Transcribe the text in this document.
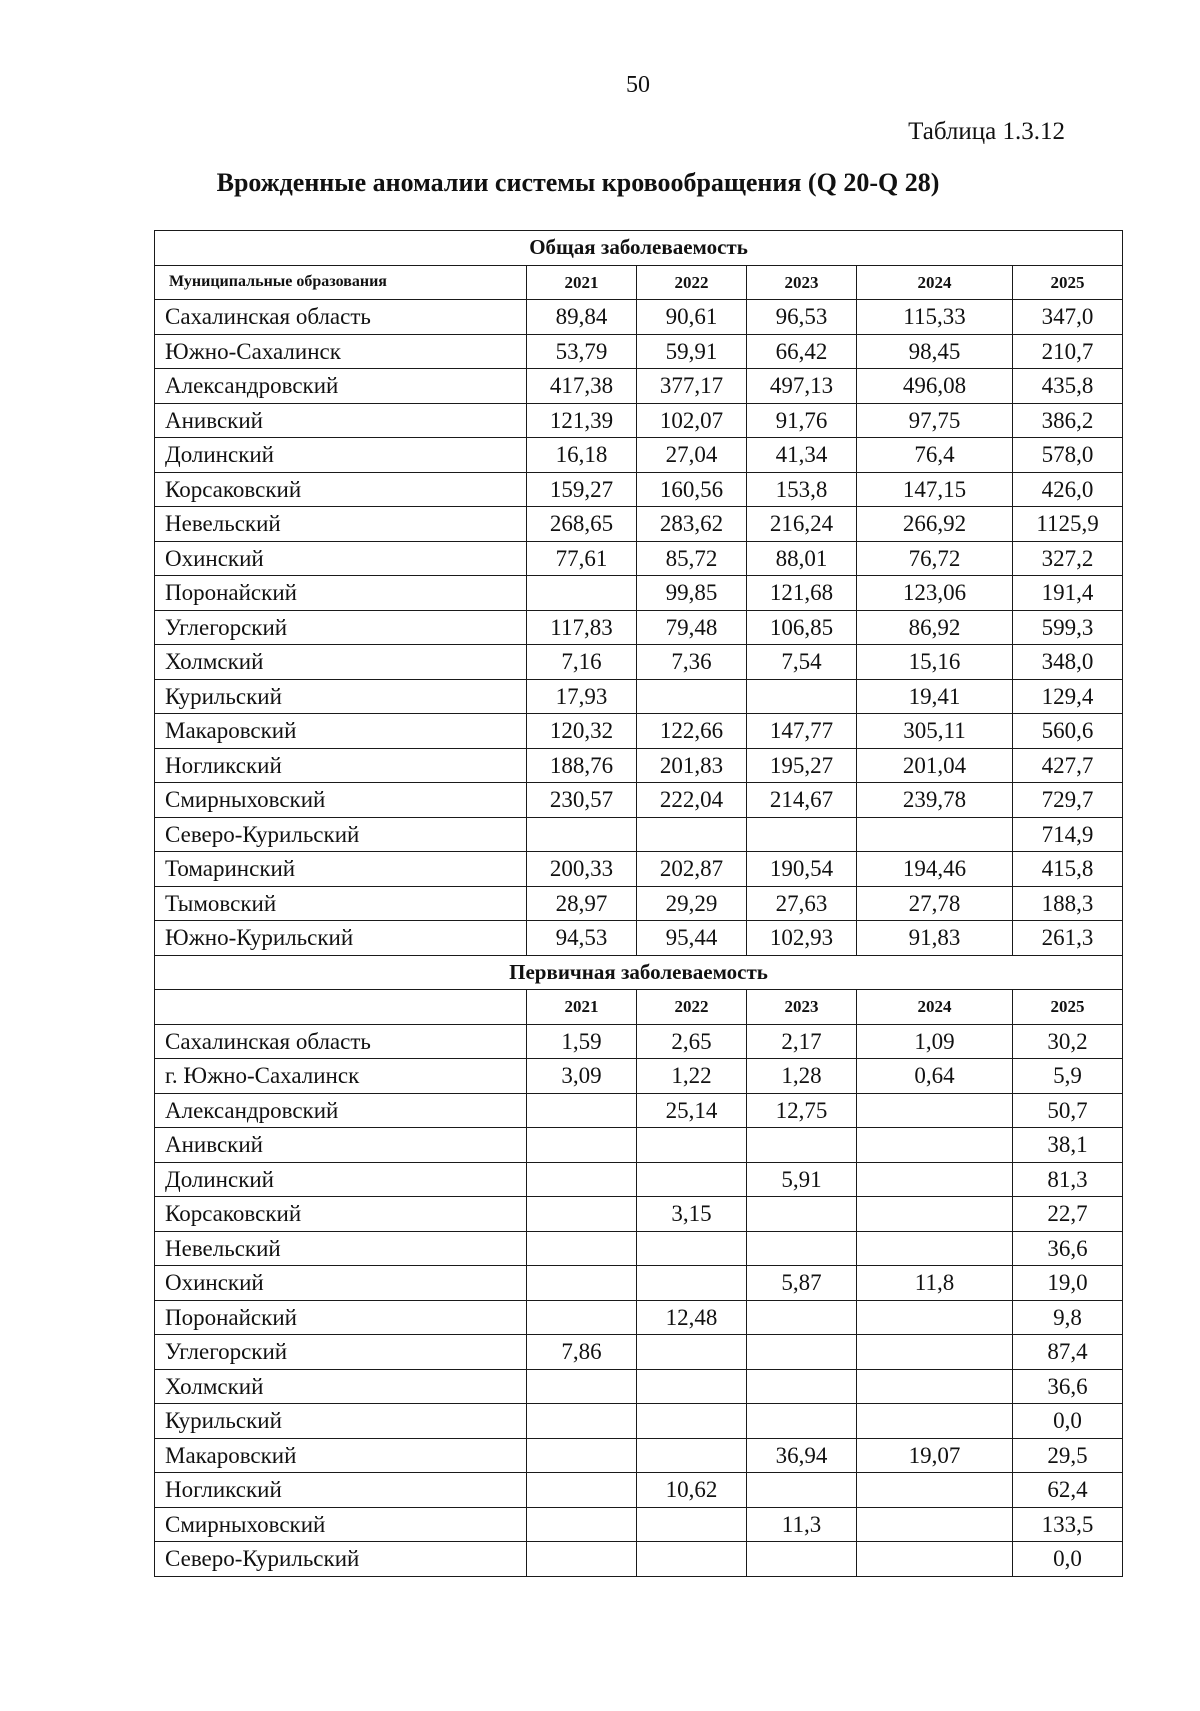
50
Таблица 1.3.12
Врожденные аномалии системы кровообращения (Q 20-Q 28)
Общая заболеваемость					
Муниципальные образования	2021	2022	2023	2024	2025
Сахалинская область	89,84	90,61	96,53	115,33	347,0
Южно-Сахалинск	53,79	59,91	66,42	98,45	210,7
Александровский	417,38	377,17	497,13	496,08	435,8
Анивский	121,39	102,07	91,76	97,75	386,2
Долинский	16,18	27,04	41,34	76,4	578,0
Корсаковский	159,27	160,56	153,8	147,15	426,0
Невельский	268,65	283,62	216,24	266,92	1125,9
Охинский	77,61	85,72	88,01	76,72	327,2
Поронайский		99,85	121,68	123,06	191,4
Углегорский	117,83	79,48	106,85	86,92	599,3
Холмский	7,16	7,36	7,54	15,16	348,0
Курильский	17,93			19,41	129,4
Макаровский	120,32	122,66	147,77	305,11	560,6
Ногликский	188,76	201,83	195,27	201,04	427,7
Смирныховский	230,57	222,04	214,67	239,78	729,7
Северо-Курильский					714,9
Томаринский	200,33	202,87	190,54	194,46	415,8
Тымовский	28,97	29,29	27,63	27,78	188,3
Южно-Курильский	94,53	95,44	102,93	91,83	261,3
Первичная заболеваемость					
	2021	2022	2023	2024	2025
Сахалинская область	1,59	2,65	2,17	1,09	30,2
г. Южно-Сахалинск	3,09	1,22	1,28	0,64	5,9
Александровский		25,14	12,75		50,7
Анивский					38,1
Долинский			5,91		81,3
Корсаковский		3,15			22,7
Невельский					36,6
Охинский			5,87	11,8	19,0
Поронайский		12,48			9,8
Углегорский	7,86				87,4
Холмский					36,6
Курильский					0,0
Макаровский			36,94	19,07	29,5
Ногликский		10,62			62,4
Смирныховский			11,3		133,5
Северо-Курильский					0,0
